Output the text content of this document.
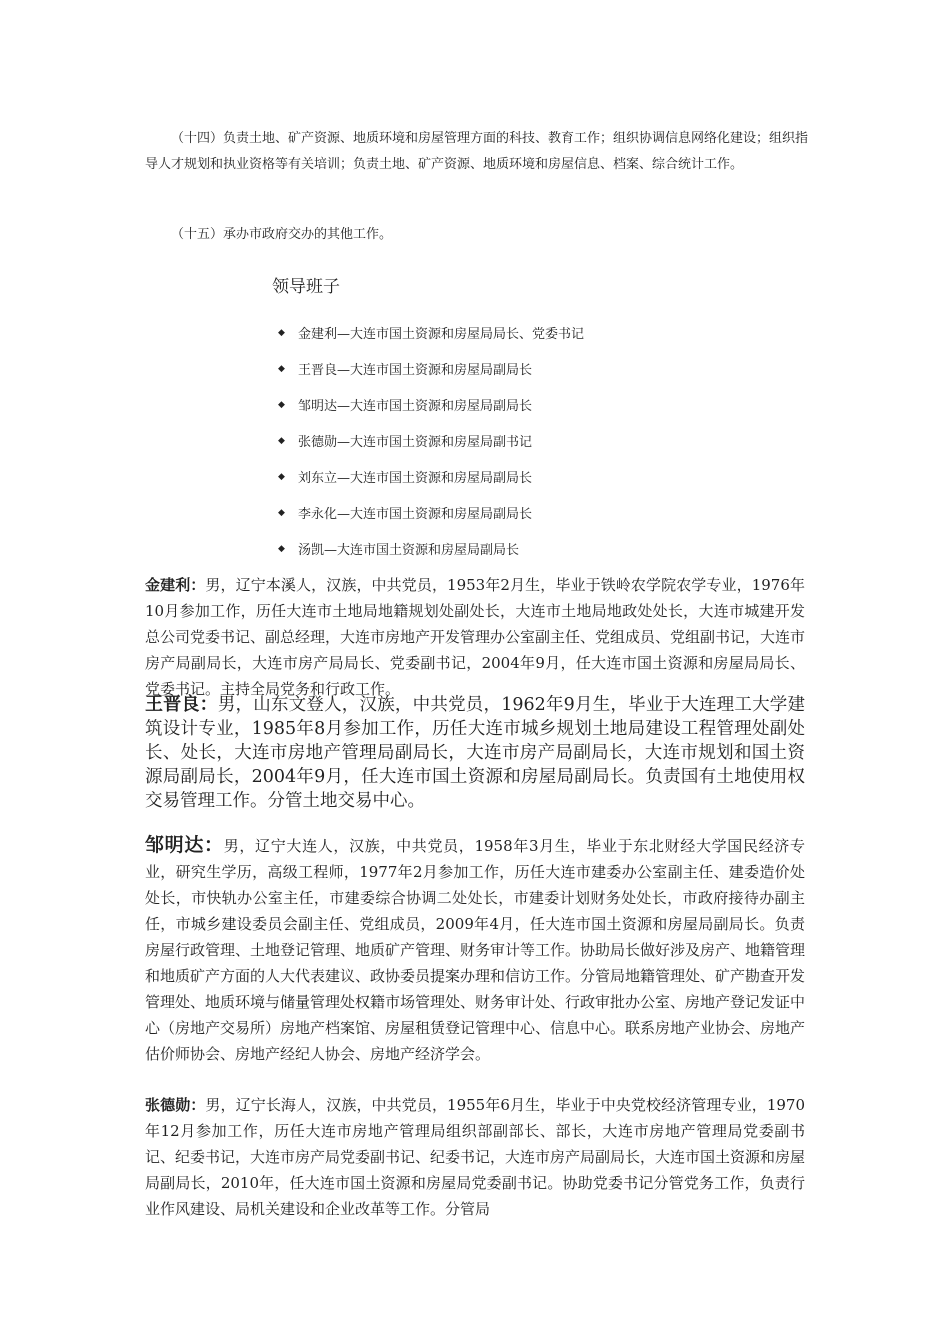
（十四）负责土地、矿产资源、地质环境和房屋管理方面的科技、教育工作；组织协调信息网络化建设；组织指导人才规划和执业资格等有关培训；负责土地、矿产资源、地质环境和房屋信息、档案、综合统计工作。

（十五）承办市政府交办的其他工作。

领导班子
◆	金建利—大连市国土资源和房屋局局长、党委书记
◆	王晋良—大连市国土资源和房屋局副局长
◆	邹明达—大连市国土资源和房屋局副局长
◆	张德勋—大连市国土资源和房屋局副书记
◆	刘东立—大连市国土资源和房屋局副局长
◆	李永化—大连市国土资源和房屋局副局长
◆	汤凯—大连市国土资源和房屋局副局长

金建利：男，辽宁本溪人，汉族，中共党员，1953年2月生，毕业于铁岭农学院农学专业，1976年10月参加工作，历任大连市土地局地籍规划处副处长，大连市土地局地政处处长，大连市城建开发总公司党委书记、副总经理，大连市房地产开发管理办公室副主任、党组成员、党组副书记，大连市房产局副局长，大连市房产局局长、党委副书记，2004年9月，任大连市国土资源和房屋局局长、党委书记。主持全局党务和行政工作。

王晋良：男，山东文登人，汉族，中共党员，1962年9月生，毕业于大连理工大学建筑设计专业，1985年8月参加工作，历任大连市城乡规划土地局建设工程管理处副处长、处长，大连市房地产管理局副局长，大连市房产局副局长，大连市规划和国土资源局副局长，2004年9月，任大连市国土资源和房屋局副局长。负责国有土地使用权交易管理工作。分管土地交易中心。

邹明达：男，辽宁大连人，汉族，中共党员，1958年3月生，毕业于东北财经大学国民经济专业，研究生学历，高级工程师，1977年2月参加工作，历任大连市建委办公室副主任、建委造价处处长，市快轨办公室主任，市建委综合协调二处处长，市建委计划财务处处长，市政府接待办副主任，市城乡建设委员会副主任、党组成员，2009年4月，任大连市国土资源和房屋局副局长。负责房屋行政管理、土地登记管理、地质矿产管理、财务审计等工作。协助局长做好涉及房产、地籍管理和地质矿产方面的人大代表建议、政协委员提案办理和信访工作。分管局地籍管理处、矿产勘查开发管理处、地质环境与储量管理处权籍市场管理处、财务审计处、行政审批办公室、房地产登记发证中心（房地产交易所）房地产档案馆、房屋租赁登记管理中心、信息中心。联系房地产业协会、房地产估价师协会、房地产经纪人协会、房地产经济学会。

张德勋：男，辽宁长海人，汉族，中共党员，1955年6月生，毕业于中央党校经济管理专业，1970年12月参加工作，历任大连市房地产管理局组织部副部长、部长，大连市房地产管理局党委副书记、纪委书记，大连市房产局党委副书记、纪委书记，大连市房产局副局长，大连市国土资源和房屋局副局长，2010年，任大连市国土资源和房屋局党委副书记。协助党委书记分管党务工作，负责行业作风建设、局机关建设和企业改革等工作。分管局
